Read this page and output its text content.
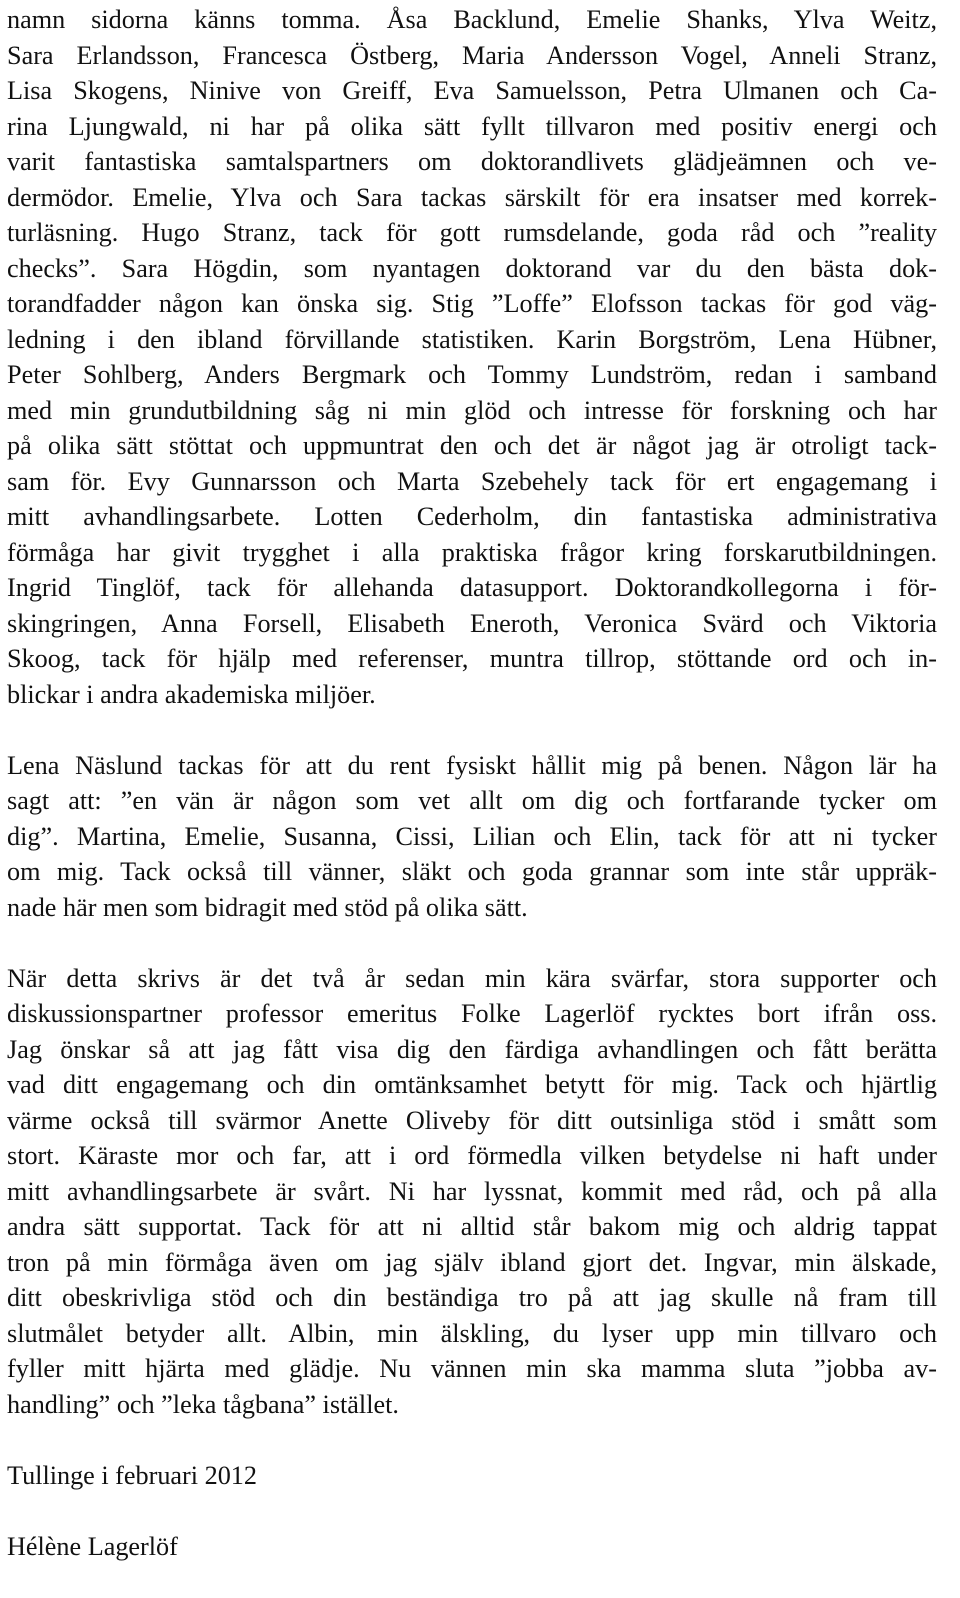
namn sidorna känns tomma. Åsa Backlund, Emelie Shanks, Ylva Weitz,
Sara Erlandsson, Francesca Östberg, Maria Andersson Vogel, Anneli Stranz,
Lisa Skogens, Ninive von Greiff, Eva Samuelsson, Petra Ulmanen och Ca-
rina Ljungwald, ni har på olika sätt fyllt tillvaron med positiv energi och
varit fantastiska samtalspartners om doktorandlivets glädjeämnen och ve-
dermödor. Emelie, Ylva och Sara tackas särskilt för era insatser med korrek-
turläsning. Hugo Stranz, tack för gott rumsdelande, goda råd och ”reality
checks”. Sara Högdin, som nyantagen doktorand var du den bästa dok-
torandfadder någon kan önska sig. Stig ”Loffe” Elofsson tackas för god väg-
ledning i den ibland förvillande statistiken. Karin Borgström, Lena Hübner,
Peter Sohlberg, Anders Bergmark och Tommy Lundström, redan i samband
med min grundutbildning såg ni min glöd och intresse för forskning och har
på olika sätt stöttat och uppmuntrat den och det är något jag är otroligt tack-
sam för. Evy Gunnarsson och Marta Szebehely tack för ert engagemang i
mitt avhandlingsarbete. Lotten Cederholm, din fantastiska administrativa
förmåga har givit trygghet i alla praktiska frågor kring forskarutbildningen.
Ingrid Tinglöf, tack för allehanda datasupport. Doktorandkollegorna i för-
skingringen, Anna Forsell, Elisabeth Eneroth, Veronica Svärd och Viktoria
Skoog, tack för hjälp med referenser, muntra tillrop, stöttande ord och in-
blickar i andra akademiska miljöer.
Lena Näslund tackas för att du rent fysiskt hållit mig på benen. Någon lär ha
sagt att: ”en vän är någon som vet allt om dig och fortfarande tycker om
dig”. Martina, Emelie, Susanna, Cissi, Lilian och Elin, tack för att ni tycker
om mig. Tack också till vänner, släkt och goda grannar som inte står uppräk-
nade här men som bidragit med stöd på olika sätt.
När detta skrivs är det två år sedan min kära svärfar, stora supporter och
diskussionspartner professor emeritus Folke Lagerlöf rycktes bort ifrån oss.
Jag önskar så att jag fått visa dig den färdiga avhandlingen och fått berätta
vad ditt engagemang och din omtänksamhet betytt för mig. Tack och hjärtlig
värme också till svärmor Anette Oliveby för ditt outsinliga stöd i smått som
stort. Käraste mor och far, att i ord förmedla vilken betydelse ni haft under
mitt avhandlingsarbete är svårt. Ni har lyssnat, kommit med råd, och på alla
andra sätt supportat. Tack för att ni alltid står bakom mig och aldrig tappat
tron på min förmåga även om jag själv ibland gjort det. Ingvar, min älskade,
ditt obeskrivliga stöd och din beständiga tro på att jag skulle nå fram till
slutmålet betyder allt. Albin, min älskling, du lyser upp min tillvaro och
fyller mitt hjärta med glädje. Nu vännen min ska mamma sluta ”jobba av-
handling” och ”leka tågbana” istället.
Tullinge i februari 2012
Hélène Lagerlöf
